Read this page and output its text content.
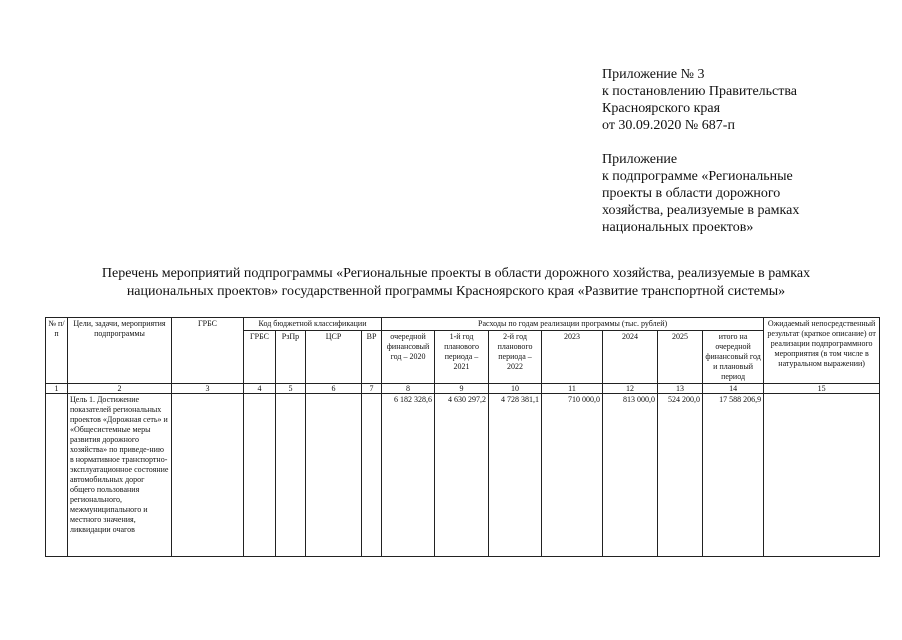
Приложение № 3
к постановлению Правительства
Красноярского края
от 30.09.2020 № 687-п
Приложение
к подпрограмме «Региональные
проекты в области дорожного
хозяйства, реализуемые в рамках
национальных проектов»
Перечень мероприятий подпрограммы «Региональные проекты в области дорожного хозяйства, реализуемые в рамках
национальных проектов» государственной программы Красноярского края «Развитие транспортной системы»
№ п/п	Цели, задачи, мероприятия подпрограммы	ГРБС	Код бюджетной классификации				Расходы по годам реализации программы (тыс. рублей)							Ожидаемый непосредственный результат (краткое описание) от реализации подпрограммного мероприятия (в том числе в натуральном выражении)
			ГРБС	РзПр	ЦСР	ВР	очередной финансовый год – 2020	1-й год планового периода – 2021	2-й год планового периода – 2022	2023	2024	2025	итого на очередной финансовый год и плановый период	
1	2	3	4	5	6	7	8	9	10	11	12	13	14	15
	Цель 1. Достижение показателей региональных проектов «Дорожная сеть» и «Общесистемные меры развития дорожного хозяйства» по приведе-нию в нормативное транспортно-эксплуатационное состояние автомобильных дорог общего пользования регионального, межмуниципального и местного значения, ликвидации очагов						6 182 328,6	4 630 297,2	4 728 381,1	710 000,0	813 000,0	524 200,0	17 588 206,9	
